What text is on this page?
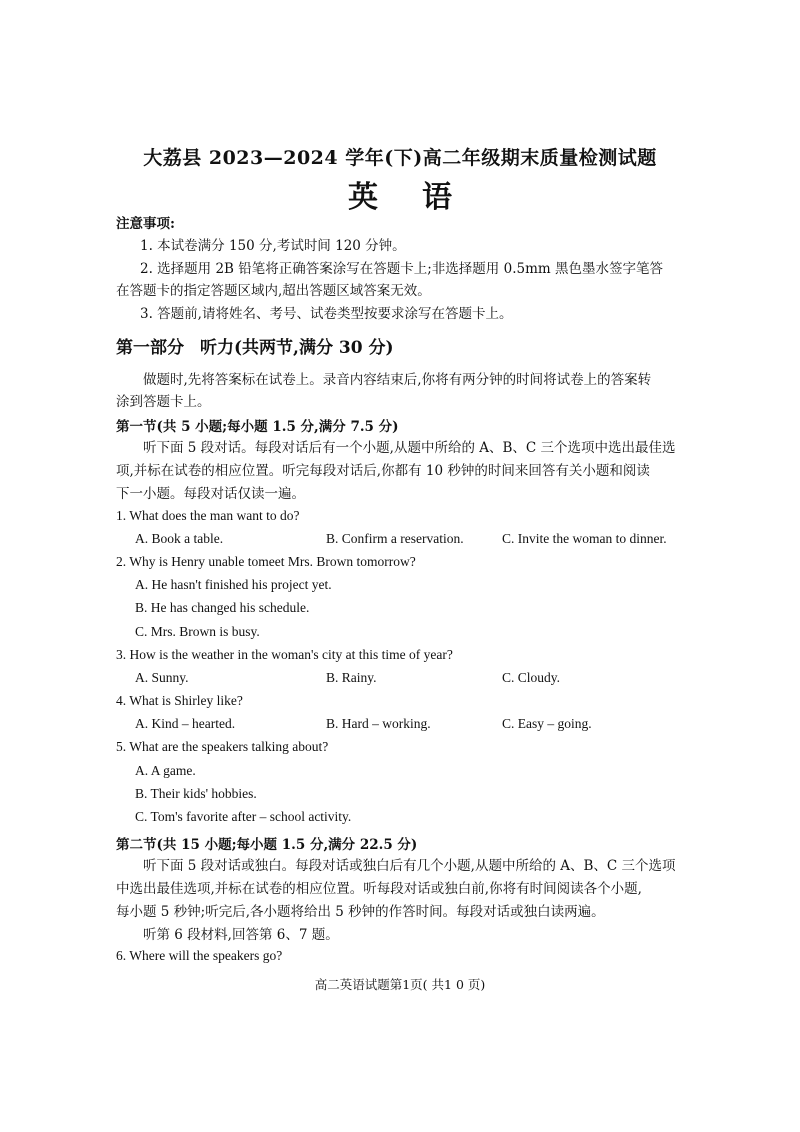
大荔县 2023—2024 学年(下)高二年级期末质量检测试题
英语
注意事项:
1. 本试卷满分 150 分,考试时间 120 分钟。
2. 选择题用 2B 铅笔将正确答案涂写在答题卡上;非选择题用 0.5mm 黑色墨水签字笔答
在答题卡的指定答题区域内,超出答题区域答案无效。
3. 答题前,请将姓名、考号、试卷类型按要求涂写在答题卡上。
第一部分 听力(共两节,满分 30 分)
做题时,先将答案标在试卷上。录音内容结束后,你将有两分钟的时间将试卷上的答案转
涂到答题卡上。
第一节(共 5 小题;每小题 1.5 分,满分 7.5 分)
听下面 5 段对话。每段对话后有一个小题,从题中所给的 A、B、C 三个选项中选出最佳选
项,并标在试卷的相应位置。听完每段对话后,你都有 10 秒钟的时间来回答有关小题和阅读
下一小题。每段对话仅读一遍。
1. What does the man want to do?
A. Book a table.	B. Confirm a reservation.	C. Invite the woman to dinner.
2. Why is Henry unable tomeet Mrs. Brown tomorrow?
A. He hasn't finished his project yet.
B. He has changed his schedule.
C. Mrs. Brown is busy.
3. How is the weather in the woman's city at this time of year?
A. Sunny.	B. Rainy.	C. Cloudy.
4. What is Shirley like?
A. Kind – hearted.	B. Hard – working.	C. Easy – going.
5. What are the speakers talking about?
A. A game.
B. Their kids' hobbies.
C. Tom's favorite after – school activity.
第二节(共 15 小题;每小题 1.5 分,满分 22.5 分)
听下面 5 段对话或独白。每段对话或独白后有几个小题,从题中所给的 A、B、C 三个选项
中选出最佳选项,并标在试卷的相应位置。听每段对话或独白前,你将有时间阅读各个小题,
每小题 5 秒钟;听完后,各小题将给出 5 秒钟的作答时间。每段对话或独白读两遍。
听第 6 段材料,回答第 6、7 题。
6. Where will the speakers go?
高二英语试题第1页( 共1 0 页)
